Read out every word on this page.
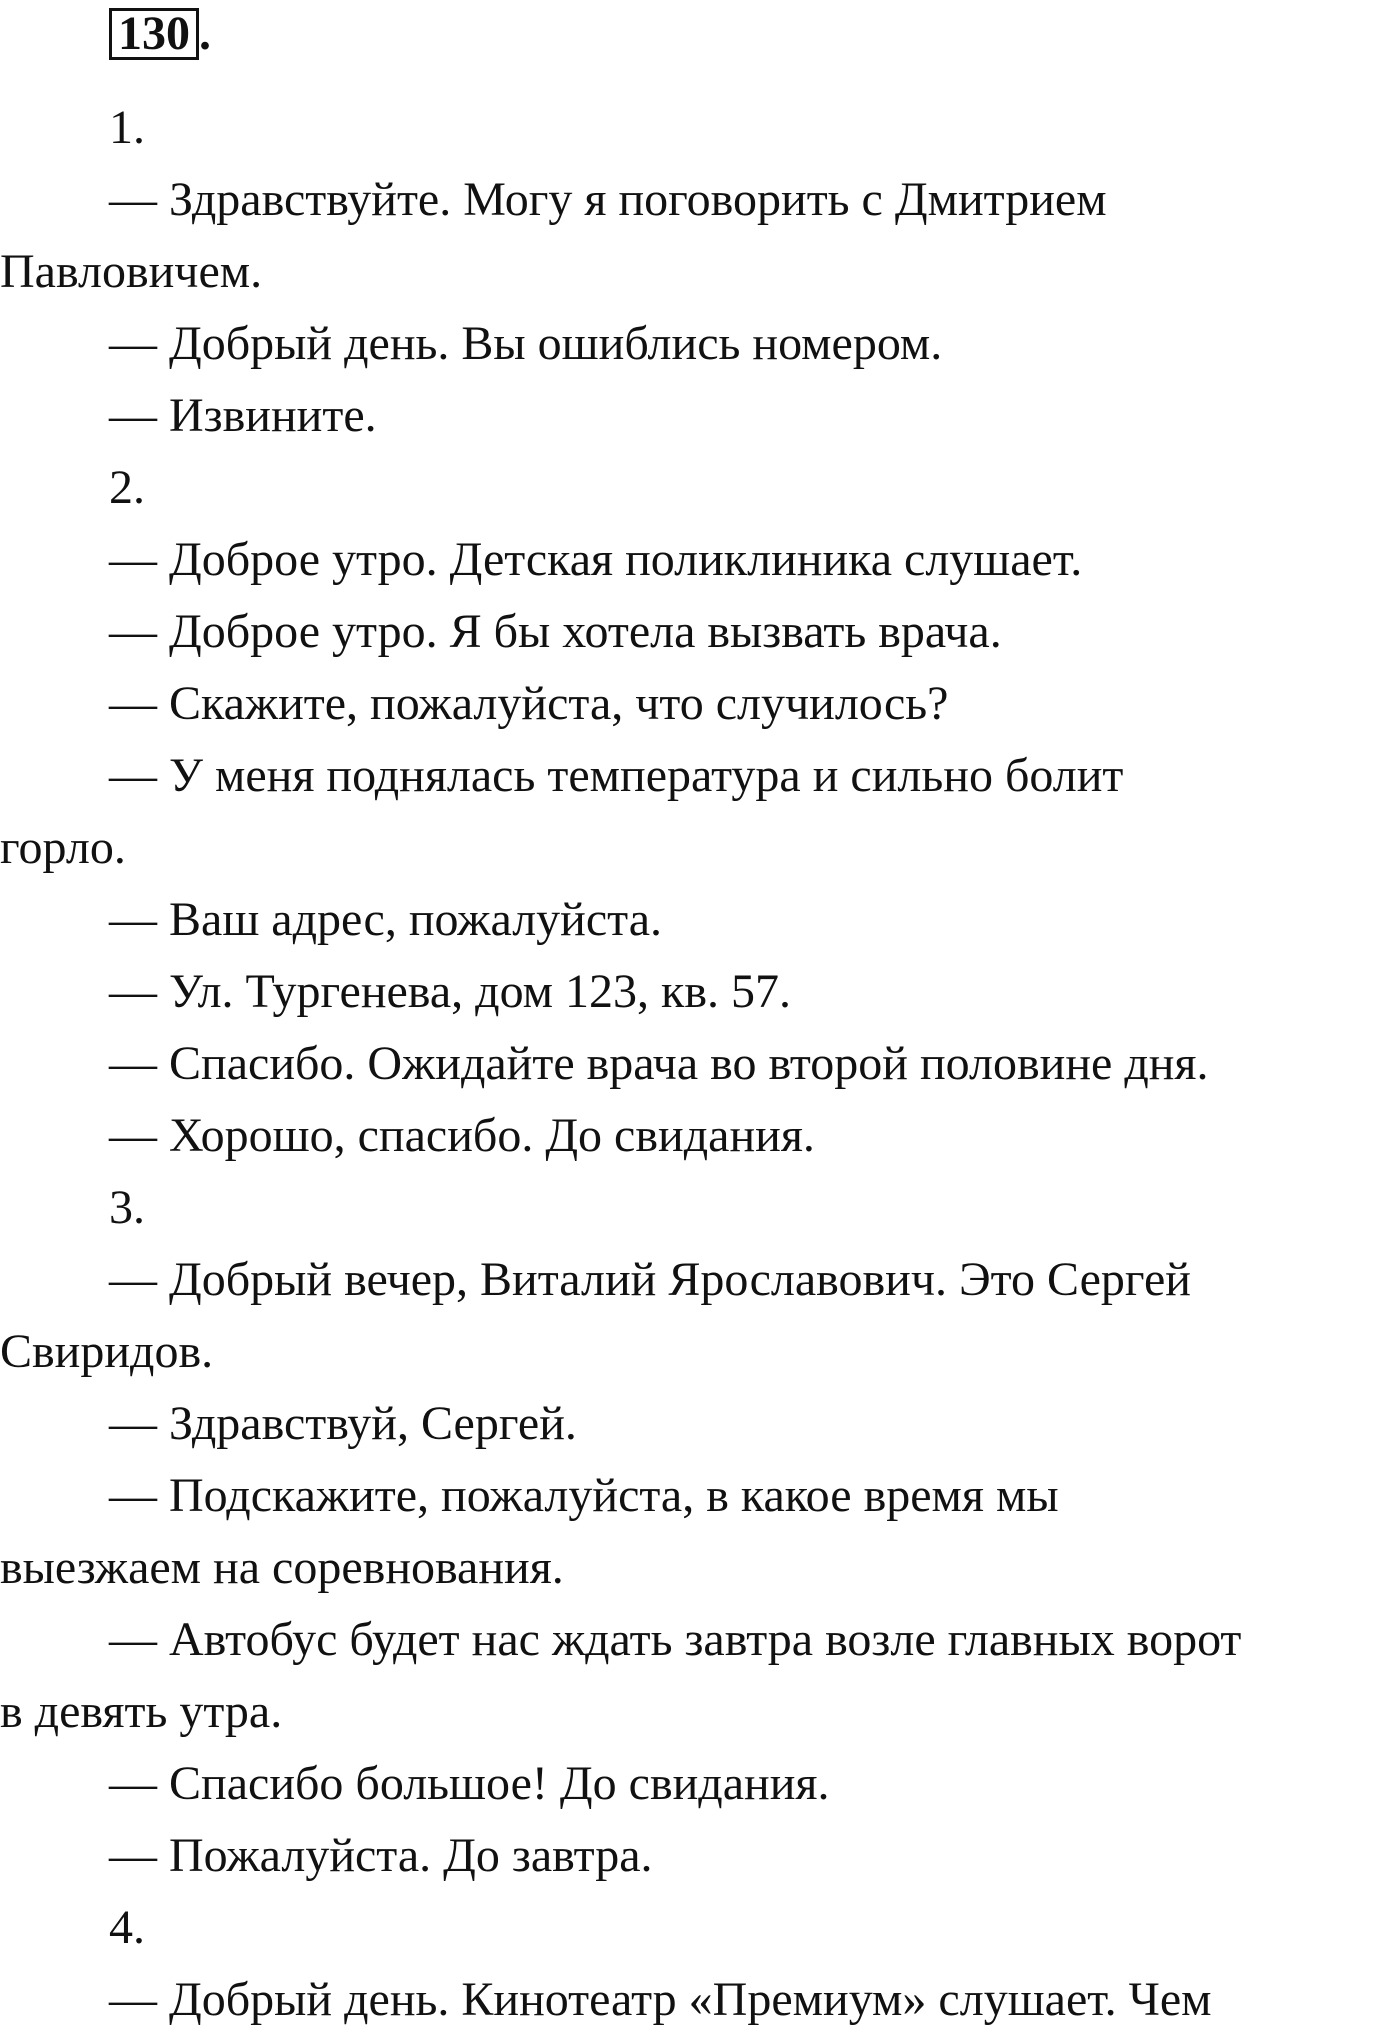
130 .
1.
— Здравствуйте. Могу я поговорить с Дмитрием
Павловичем.
— Добрый день. Вы ошиблись номером.
— Извините.
2.
— Доброе утро. Детская поликлиника слушает.
— Доброе утро. Я бы хотела вызвать врача.
— Скажите, пожалуйста, что случилось?
— У меня поднялась температура и сильно болит
горло.
— Ваш адрес, пожалуйста.
— Ул. Тургенева, дом 123, кв. 57.
— Спасибо. Ожидайте врача во второй половине дня.
— Хорошо, спасибо. До свидания.
3.
— Добрый вечер, Виталий Ярославович. Это Сергей
Свиридов.
— Здравствуй, Сергей.
— Подскажите, пожалуйста, в какое время мы
выезжаем на соревнования.
— Автобус будет нас ждать завтра возле главных ворот
в девять утра.
— Спасибо большое! До свидания.
— Пожалуйста. До завтра.
4.
— Добрый день. Кинотеатр «Премиум» слушает. Чем
